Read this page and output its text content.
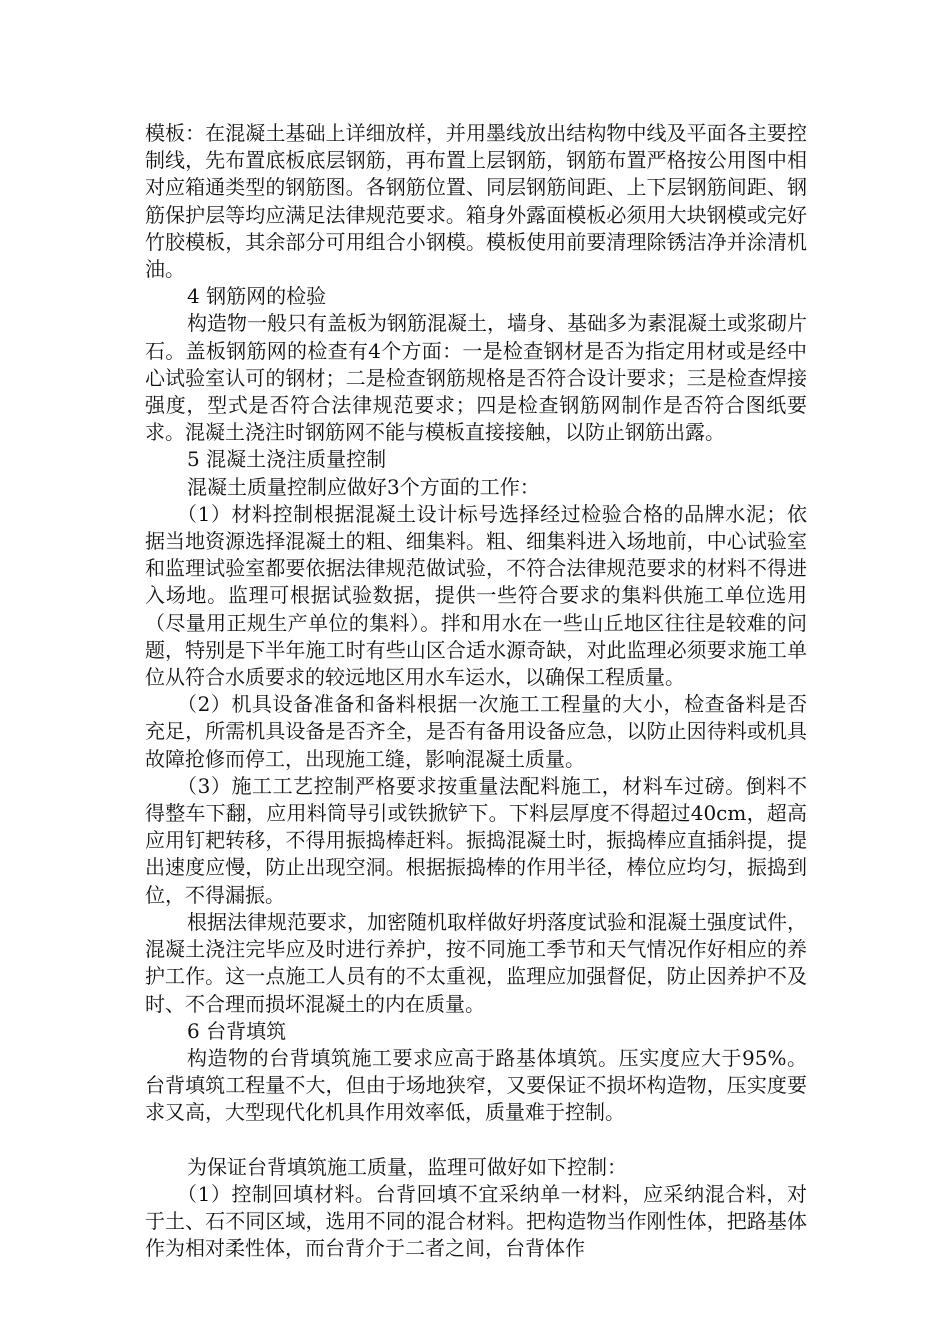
模板：在混凝土基础上详细放样，并用墨线放出结构物中线及平面各主要控制线，先布置底板底层钢筋，再布置上层钢筋，钢筋布置严格按公用图中相对应箱通类型的钢筋图。各钢筋位置、同层钢筋间距、上下层钢筋间距、钢筋保护层等均应满足法律规范要求。箱身外露面模板必须用大块钢模或完好竹胶模板，其余部分可用组合小钢模。模板使用前要清理除锈洁净并涂清机油。

4 钢筋网的检验

构造物一般只有盖板为钢筋混凝土，墙身、基础多为素混凝土或浆砌片石。盖板钢筋网的检查有4个方面：一是检查钢材是否为指定用材或是经中心试验室认可的钢材；二是检查钢筋规格是否符合设计要求；三是检查焊接强度，型式是否符合法律规范要求；四是检查钢筋网制作是否符合图纸要求。混凝土浇注时钢筋网不能与模板直接接触，以防止钢筋出露。

5 混凝土浇注质量控制

混凝土质量控制应做好3个方面的工作：

（1）材料控制根据混凝土设计标号选择经过检验合格的品牌水泥；依据当地资源选择混凝土的粗、细集料。粗、细集料进入场地前，中心试验室和监理试验室都要依据法律规范做试验，不符合法律规范要求的材料不得进入场地。监理可根据试验数据，提供一些符合要求的集料供施工单位选用（尽量用正规生产单位的集料）。拌和用水在一些山丘地区往往是较难的问题，特别是下半年施工时有些山区合适水源奇缺，对此监理必须要求施工单位从符合水质要求的较远地区用水车运水，以确保工程质量。

（2）机具设备准备和备料根据一次施工工程量的大小，检查备料是否充足，所需机具设备是否齐全，是否有备用设备应急，以防止因待料或机具故障抢修而停工，出现施工缝，影响混凝土质量。

（3）施工工艺控制严格要求按重量法配料施工，材料车过磅。倒料不得整车下翻，应用料筒导引或铁掀铲下。下料层厚度不得超过40cm，超高应用钉耙转移，不得用振捣棒赶料。振捣混凝土时，振捣棒应直插斜提，提出速度应慢，防止出现空洞。根据振捣棒的作用半径，棒位应均匀，振捣到位，不得漏振。

根据法律规范要求，加密随机取样做好坍落度试验和混凝土强度试件，混凝土浇注完毕应及时进行养护，按不同施工季节和天气情况作好相应的养护工作。这一点施工人员有的不太重视，监理应加强督促，防止因养护不及时、不合理而损坏混凝土的内在质量。

6 台背填筑

构造物的台背填筑施工要求应高于路基体填筑。压实度应大于95%。台背填筑工程量不大，但由于场地狭窄，又要保证不损坏构造物，压实度要求又高，大型现代化机具作用效率低，质量难于控制。

为保证台背填筑施工质量，监理可做好如下控制：

（1）控制回填材料。台背回填不宜采纳单一材料，应采纳混合料，对于土、石不同区域，选用不同的混合材料。把构造物当作刚性体，把路基体作为相对柔性体，而台背介于二者之间，台背体作
